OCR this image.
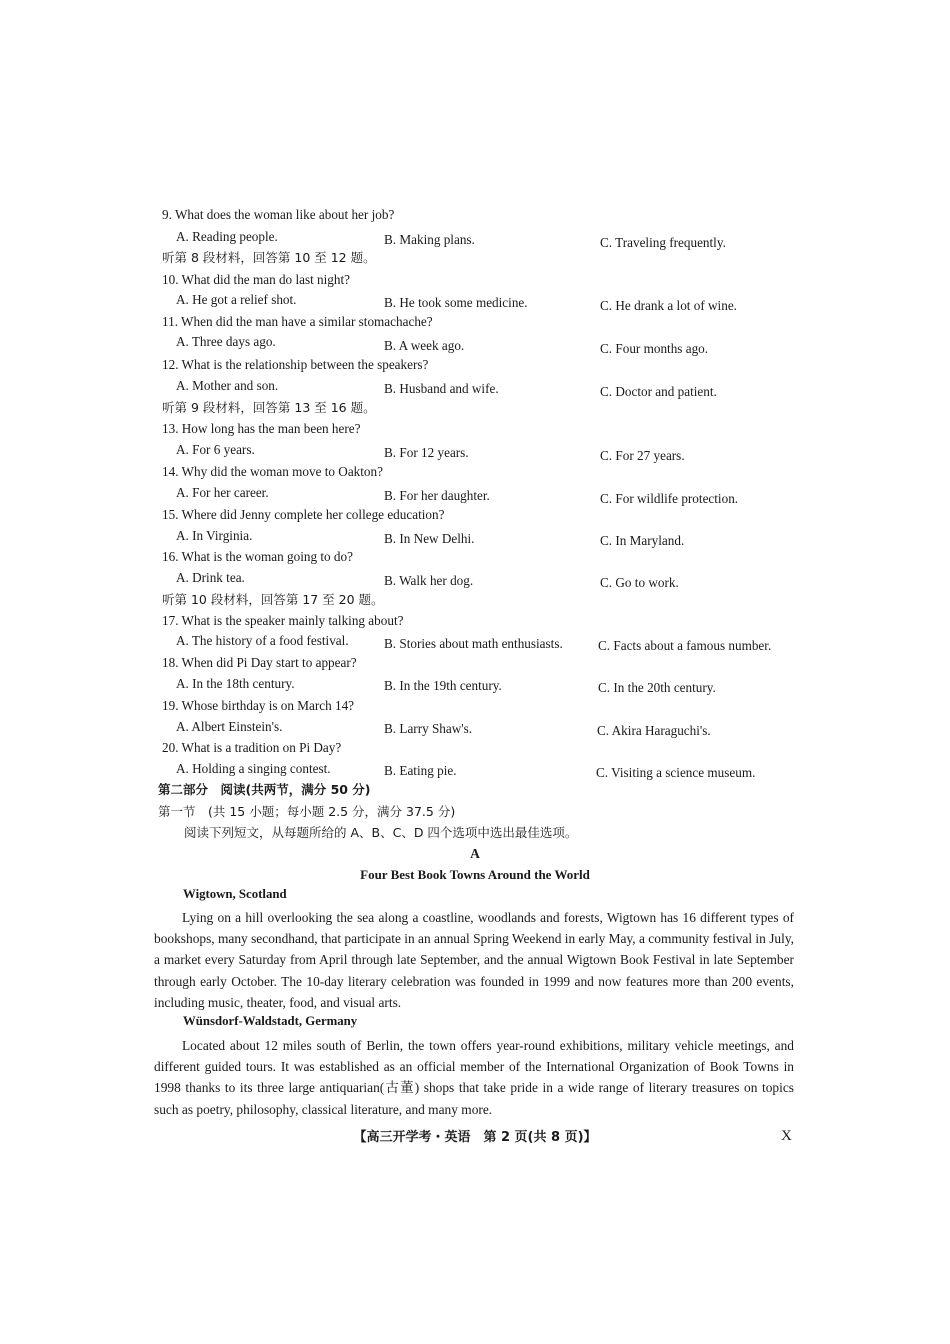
9. What does the woman like about her job?
A. Reading people.	B. Making plans.	C. Traveling frequently.
听第 8 段材料，回答第 10 至 12 题。
10. What did the man do last night?
A. He got a relief shot.	B. He took some medicine.	C. He drank a lot of wine.
11. When did the man have a similar stomachache?
A. Three days ago.	B. A week ago.	C. Four months ago.
12. What is the relationship between the speakers?
A. Mother and son.	B. Husband and wife.	C. Doctor and patient.
听第 9 段材料，回答第 13 至 16 题。
13. How long has the man been here?
A. For 6 years.	B. For 12 years.	C. For 27 years.
14. Why did the woman move to Oakton?
A. For her career.	B. For her daughter.	C. For wildlife protection.
15. Where did Jenny complete her college education?
A. In Virginia.	B. In New Delhi.	C. In Maryland.
16. What is the woman going to do?
A. Drink tea.	B. Walk her dog.	C. Go to work.
听第 10 段材料，回答第 17 至 20 题。
17. What is the speaker mainly talking about?
A. The history of a food festival.	B. Stories about math enthusiasts.	C. Facts about a famous number.
18. When did Pi Day start to appear?
A. In the 18th century.	B. In the 19th century.	C. In the 20th century.
19. Whose birthday is on March 14?
A. Albert Einstein's.	B. Larry Shaw's.	C. Akira Haraguchi's.
20. What is a tradition on Pi Day?
A. Holding a singing contest.	B. Eating pie.	C. Visiting a science museum.
第二部分　阅读(共两节，满分 50 分)
第一节　(共 15 小题；每小题 2.5 分，满分 37.5 分)
阅读下列短文，从每题所给的 A、B、C、D 四个选项中选出最佳选项。
A
Four Best Book Towns Around the World
Wigtown, Scotland
Lying on a hill overlooking the sea along a coastline, woodlands and forests, Wigtown has 16 different types of bookshops, many secondhand, that participate in an annual Spring Weekend in early May, a community festival in July, a market every Saturday from April through late September, and the annual Wigtown Book Festival in late September through early October. The 10-day literary celebration was founded in 1999 and now features more than 200 events, including music, theater, food, and visual arts.
Wünsdorf-Waldstadt, Germany
Located about 12 miles south of Berlin, the town offers year-round exhibitions, military vehicle meetings, and different guided tours. It was established as an official member of the International Organization of Book Towns in 1998 thanks to its three large antiquarian(古董) shops that take pride in a wide range of literary treasures on topics such as poetry, philosophy, classical literature, and many more.
【高三开学考・英语　第 2 页(共 8 页)】	X
